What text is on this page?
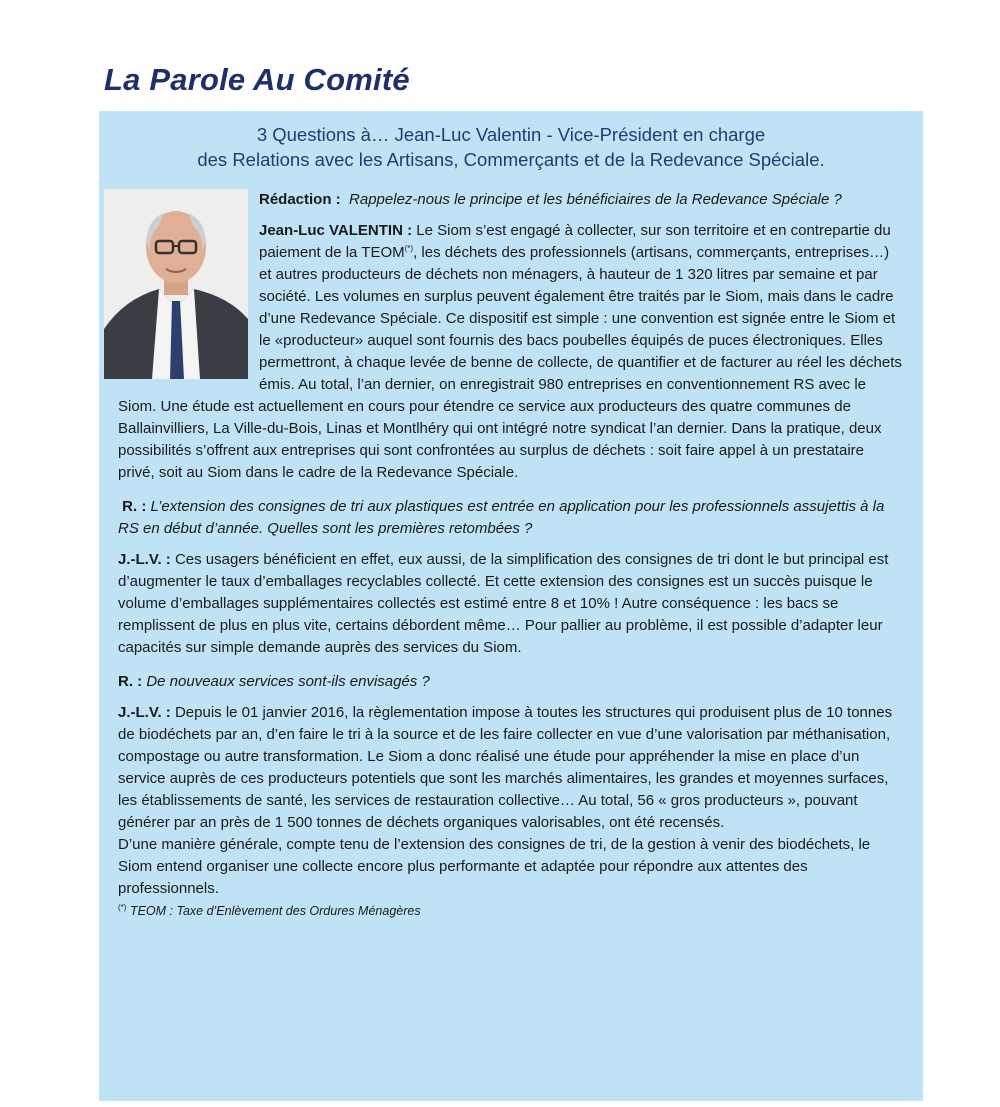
La Parole Au Comité
3 Questions à… Jean-Luc Valentin - Vice-Président en charge
des Relations avec les Artisans, Commerçants et de la Redevance Spéciale.

Rédaction : Rappelez-nous le principe et les bénéficiaires de la Redevance Spéciale ?

Jean-Luc VALENTIN : Le Siom s’est engagé à collecter, sur son territoire et en contrepartie du paiement de la TEOM(*), les déchets des professionnels (artisans, commerçants, entreprises…) et autres producteurs de déchets non ménagers, à hauteur de 1 320 litres par semaine et par société. Les volumes en surplus peuvent également être traités par le Siom, mais dans le cadre d’une Redevance Spéciale. Ce dispositif est simple : une convention est signée entre le Siom et le «producteur» auquel sont fournis des bacs poubelles équipés de puces électroniques. Elles permettront, à chaque levée de benne de collecte, de quantifier et de facturer au réel les déchets émis. Au total, l’an dernier, on enregistrait 980 entreprises en conventionnement RS avec le Siom. Une étude est actuellement en cours pour étendre ce service aux producteurs des quatre communes de Ballainvilliers, La Ville-du-Bois, Linas et Montlhéry qui ont intégré notre syndicat l’an dernier. Dans la pratique, deux possibilités s’offrent aux entreprises qui sont confrontées au surplus de déchets : soit faire appel à un prestataire privé, soit au Siom dans le cadre de la Redevance Spéciale.

R. : L’extension des consignes de tri aux plastiques est entrée en application pour les professionnels assujettis à la RS en début d’année. Quelles sont les premières retombées ?

J.-L.V. : Ces usagers bénéficient en effet, eux aussi, de la simplification des consignes de tri dont le but principal est d’augmenter le taux d’emballages recyclables collecté. Et cette extension des consignes est un succès puisque le volume d’emballages supplémentaires collectés est estimé entre 8 et 10% ! Autre conséquence : les bacs se remplissent de plus en plus vite, certains débordent même… Pour pallier au problème, il est possible d’adapter leur capacités sur simple demande auprès des services du Siom.

R. : De nouveaux services sont-ils envisagés ?

J.-L.V. : Depuis le 01 janvier 2016, la règlementation impose à toutes les structures qui produisent plus de 10 tonnes de biodéchets par an, d’en faire le tri à la source et de les faire collecter en vue d’une valorisation par méthanisation, compostage ou autre transformation. Le Siom a donc réalisé une étude pour appréhender la mise en place d’un service auprès de ces producteurs potentiels que sont les marchés alimentaires, les grandes et moyennes surfaces, les établissements de santé, les services de restauration collective… Au total, 56 « gros producteurs », pouvant générer par an près de 1 500 tonnes de déchets organiques valorisables, ont été recensés.

D’une manière générale, compte tenu de l’extension des consignes de tri, de la gestion à venir des biodéchets, le Siom entend organiser une collecte encore plus performante et adaptée pour répondre aux attentes des professionnels.

(*) TEOM : Taxe d’Enlèvement des Ordures Ménagères
